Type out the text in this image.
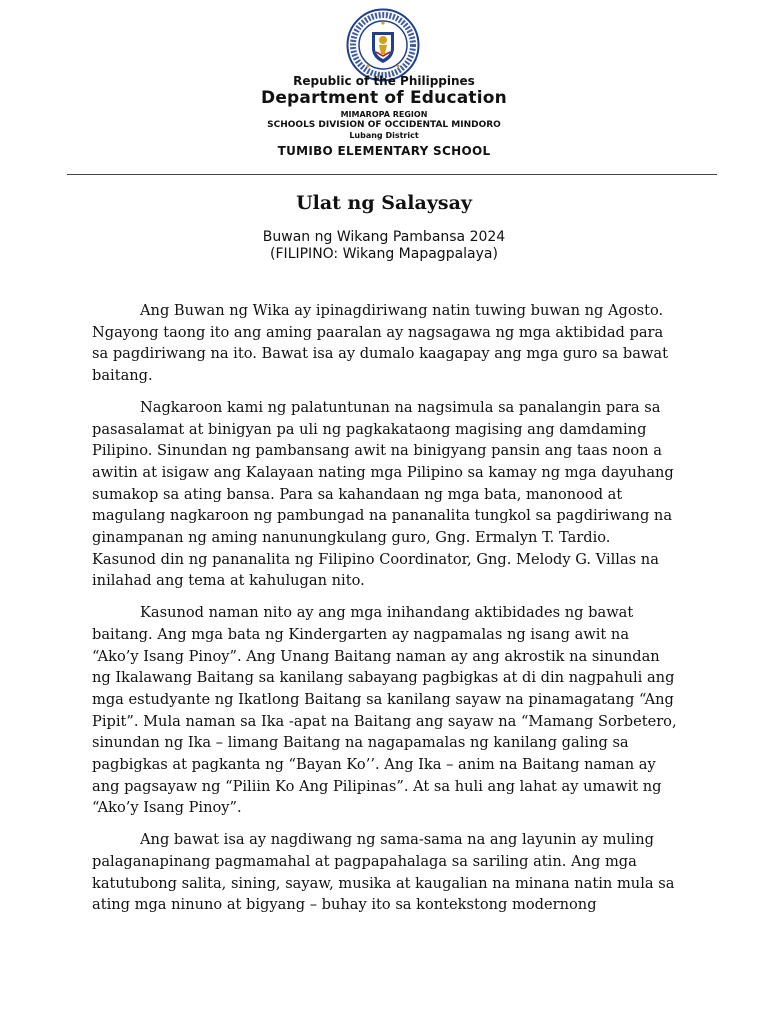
Republic of the Philippines
Department of Education
MIMAROPA REGION
SCHOOLS DIVISION OF OCCIDENTAL MINDORO
Lubang District
TUMIBO ELEMENTARY SCHOOL
Ulat ng Salaysay
Buwan ng Wikang Pambansa 2024
(FILIPINO: Wikang Mapagpalaya)

Ang Buwan ng Wika ay ipinagdiriwang natin tuwing buwan ng Agosto. Ngayong taong ito ang aming paaralan ay nagsagawa ng mga aktibidad para sa pagdiriwang na ito. Bawat isa ay dumalo kaagapay ang mga guro sa bawat baitang.

Nagkaroon kami ng palatuntunan na nagsimula sa panalangin para sa pasasalamat at binigyan pa uli ng pagkakataong magising ang damdaming Pilipino. Sinundan ng pambansang awit na binigyang pansin ang taas noon a awitin at isigaw ang Kalayaan nating mga Pilipino sa kamay ng mga dayuhang sumakop sa ating bansa. Para sa kahandaan ng mga bata, manonood at magulang nagkaroon ng pambungad na pananalita tungkol sa pagdiriwang na ginampanan ng aming nanunungkulang guro, Gng. Ermalyn T. Tardio. Kasunod din ng pananalita ng Filipino Coordinator, Gng. Melody G. Villas na inilahad ang tema at kahulugan nito.

Kasunod naman nito ay ang mga inihandang aktibidades ng bawat baitang. Ang mga bata ng Kindergarten ay nagpamalas ng isang awit na “Ako’y Isang Pinoy”. Ang Unang Baitang naman ay ang akrostik na sinundan ng Ikalawang Baitang sa kanilang sabayang pagbigkas at di din nagpahuli ang mga estudyante ng Ikatlong Baitang sa kanilang sayaw na pinamagatang “Ang Pipit”. Mula naman sa Ika -apat na Baitang ang sayaw na “Mamang Sorbetero, sinundan ng Ika – limang Baitang na nagapamalas ng kanilang galing sa pagbigkas at pagkanta ng “Bayan Ko’’. Ang Ika – anim na Baitang naman ay ang pagsayaw ng “Piliin Ko Ang Pilipinas”. At sa huli ang lahat ay umawit ng “Ako’y Isang Pinoy”.

Ang bawat isa ay nagdiwang ng sama-sama na ang layunin ay muling palaganapinang pagmamahal at pagpapahalaga sa sariling atin. Ang mga katutubong salita, sining, sayaw, musika at kaugalian na minana natin mula sa ating mga ninuno at bigyang – buhay ito sa kontekstong modernong
